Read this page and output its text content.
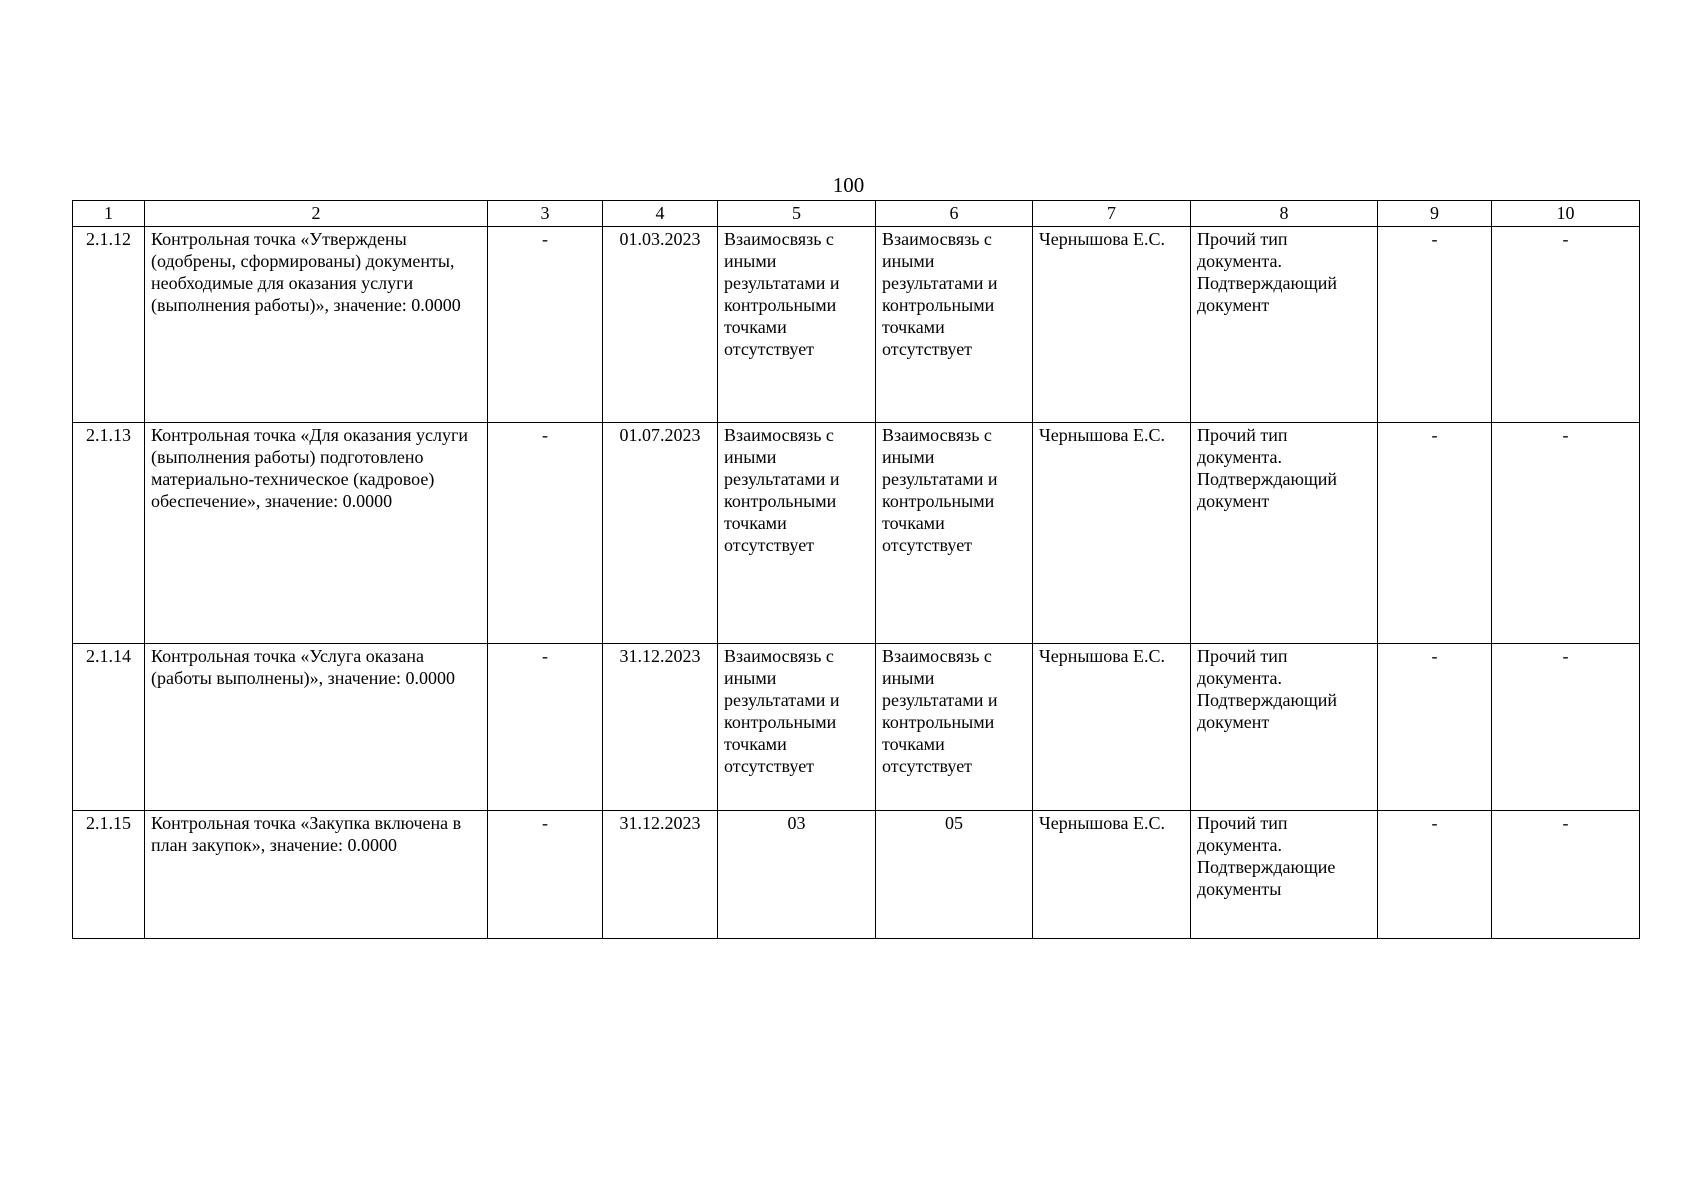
100
1	2	3	4	5	6	7	8	9	10
2.1.12	Контрольная точка «Утверждены (одобрены, сформированы) документы, необходимые для оказания услуги (выполнения работы)», значение: 0.0000	-	01.03.2023	Взаимосвязь с иными результатами и контрольными точками отсутствует	Взаимосвязь с иными результатами и контрольными точками отсутствует	Чернышова Е.С.	Прочий тип документа. Подтверждающий документ	-	-
2.1.13	Контрольная точка «Для оказания услуги (выполнения работы) подготовлено материально-техническое (кадровое) обеспечение», значение: 0.0000	-	01.07.2023	Взаимосвязь с иными результатами и контрольными точками отсутствует	Взаимосвязь с иными результатами и контрольными точками отсутствует	Чернышова Е.С.	Прочий тип документа. Подтверждающий документ	-	-
2.1.14	Контрольная точка «Услуга оказана (работы выполнены)», значение: 0.0000	-	31.12.2023	Взаимосвязь с иными результатами и контрольными точками отсутствует	Взаимосвязь с иными результатами и контрольными точками отсутствует	Чернышова Е.С.	Прочий тип документа. Подтверждающий документ	-	-
2.1.15	Контрольная точка «Закупка включена в план закупок», значение: 0.0000	-	31.12.2023	03	05	Чернышова Е.С.	Прочий тип документа. Подтверждающие документы	-	-
